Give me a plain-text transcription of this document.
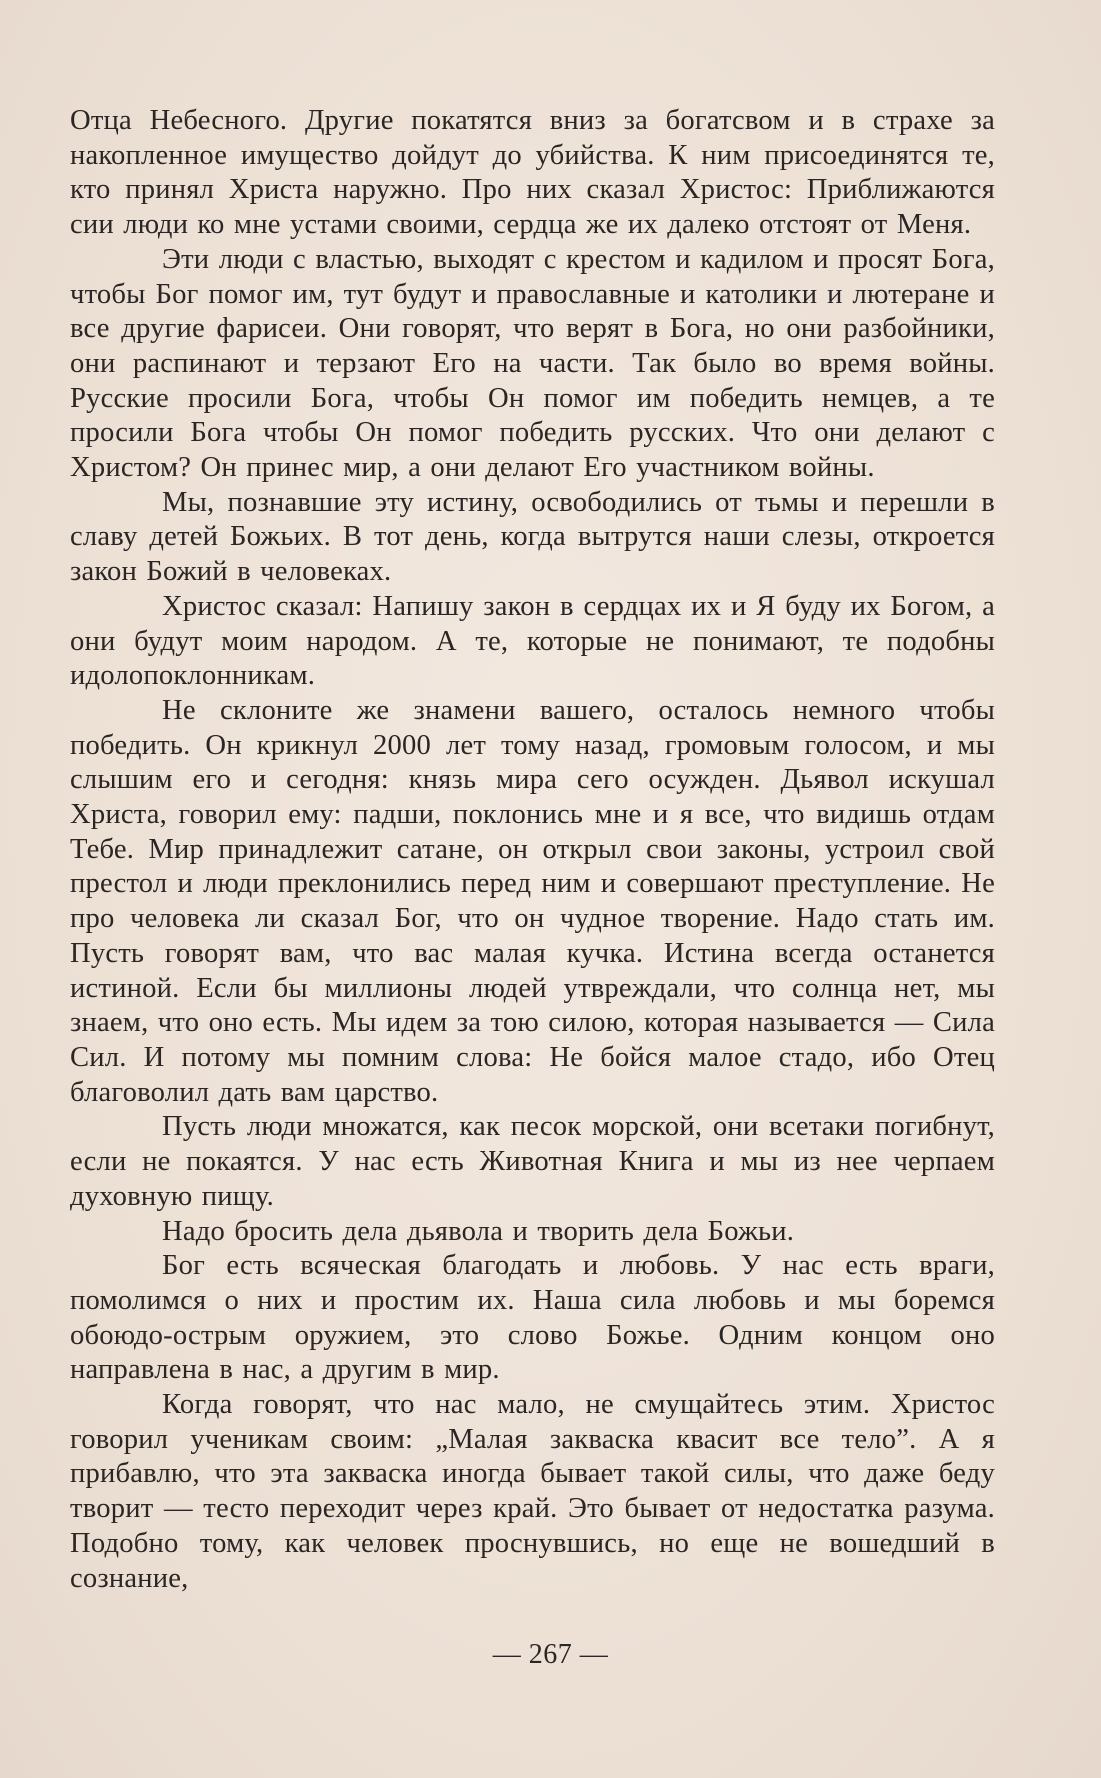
Отца Небесного. Другие покатятся вниз за богатсвом и в страхе за накопленное имущество дойдут до убийства. К ним присоединятся те, кто принял Христа наружно. Про них сказал Христос: Приближаются сии люди ко мне устами своими, сердца же их далеко отстоят от Меня.

Эти люди с властью, выходят с крестом и кадилом и просят Бога, чтобы Бог помог им, тут будут и православные и католики и лютеране и все другие фарисеи. Они говорят, что верят в Бога, но они разбойники, они распинают и терзают Его на части. Так было во время войны. Русские просили Бога, чтобы Он помог им победить немцев, а те просили Бога чтобы Он помог победить русских. Что они делают с Христом? Он принес мир, а они делают Его участником войны.

Мы, познавшие эту истину, освободились от тьмы и перешли в славу детей Божьих. В тот день, когда вытрутся наши слезы, откроется закон Божий в человеках.

Христос сказал: Напишу закон в сердцах их и Я буду их Богом, а они будут моим народом. А те, которые не понимают, те подобны идолопоклонникам.

Не склоните же знамени вашего, осталось немного чтобы победить. Он крикнул 2000 лет тому назад, громовым голосом, и мы слышим его и сегодня: князь мира сего осужден. Дьявол искушал Христа, говорил ему: падши, поклонись мне и я все, что видишь отдам Тебе. Мир принадлежит сатане, он открыл свои законы, устроил свой престол и люди преклонились перед ним и совершают преступление. Не про человека ли сказал Бог, что он чудное творение. Надо стать им. Пусть говорят вам, что вас малая кучка. Истина всегда останется истиной. Если бы миллионы людей утвреждали, что солнца нет, мы знаем, что оно есть. Мы идем за тою силою, которая называется — Сила Сил. И потому мы помним слова: Не бойся малое стадо, ибо Отец благоволил дать вам царство.

Пусть люди множатся, как песок морской, они всетаки погибнут, если не покаятся. У нас есть Животная Книга и мы из нее черпаем духовную пищу.

Надо бросить дела дьявола и творить дела Божьи.

Бог есть всяческая благодать и любовь. У нас есть враги, помолимся о них и простим их. Наша сила любовь и мы боремся обоюдо-острым оружием, это слово Божье. Одним концом оно направлена в нас, а другим в мир.

Когда говорят, что нас мало, не смущайтесь этим. Христос говорил ученикам своим: „Малая закваска квасит все тело”. А я прибавлю, что эта закваска иногда бывает такой силы, что даже беду творит — тесто переходит через край. Это бывает от недостатка разума. Подобно тому, как человек проснувшись, но еще не вошедший в сознание,

— 267 —
